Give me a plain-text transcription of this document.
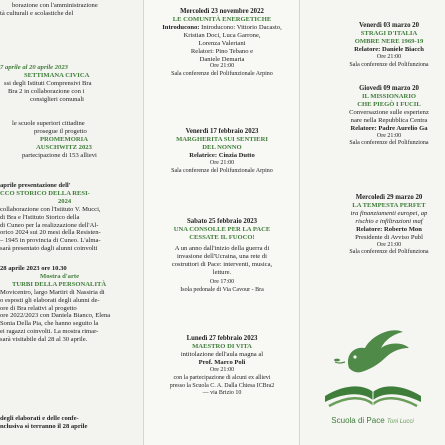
borazione con l'amministrazione
tà culturali e scolastiche del
7 aprile al 20 aprile 2023
SETTIMANA CIVICA
ssi degli Istituti Comprensivi Bra
Bra 2 in collaborazione con i
consiglieri comunali
le scuole superiori cittadine
proseguе il progetto
PROMEMORIA
AUSCHWITZ 2023
partecipazione di 153 allievi
aprile presentazione dell'
CCO STORICO DELLA RESI-
2024
collaborazione con l'Istituto V. Mucci,
di Bra e l'Istituto Storico della
di Cuneo per la realizzazione dell'Al-
orico 2024 sui 20 mesi della Resisten-
– 1945 in provincia di Cuneo. L'alma-
sarà presentato dagli alunni coinvolti
28 aprile 2023 ore 10.30
Mostra d'arte
TURBI DELLA PERSONALITÀ
Moviсentro, largo Martiri di Nassiria di
o esposti gli elaborati degli alunni de-
ore di Bra relativi al progetto
ore 2022/2023 con Daniela Bianco, Elena
Sonia Della Pia, che hanno seguito la
ei ragazzi coinvolti. La mostra rimar-
sarà visitabile dal 28 al 30 aprile.
degli elaborati e delle confe-
nclusiva si terranno il 28 aprile
Mercoledì 23 novembre 2022
LE COMUNITÀ ENERGETICHE
Introducono: Introducono: Vittorio Dacasto,
Kristian Doci, Luca Garrone,
Lorenza Valeriani
Relatori: Pino Tebano e
Daniele Demaria
Ore 21:00
Sala conferenze del Polifunzionale Arpino
Venerdì 17 febbraio 2023
MARGHERITA SUI SENTIERI
DEL NONNO
Relatrice: Cinzia Dutto
Ore 21:00
Sala conferenze del Polifunzionale Arpino
Sabato 25 febbraio 2023
UNA CONSOLLE PER LA PACE
CESSATE IL FUOCO!
A un anno dall'inizio della guerra di
invasione dell'Ucraina, una rete di
costruttori di Pace: interventi, musica,
letture.
Ore 17:00
Isola pedonale di Via Cavour - Bra
Lunedì 27 febbraio 2023
MAESTRO DI VITA
intitolazione dell'aula magna al
Prof. Marco Poli
Ore 21:00
con la partecipazione di alcuni ex allievi
presso la Scuola C. A. Dalla Chiesa ICBra2
— via Brizio 10
Venerdì 03 marzo 20
STRAGI D'ITALIA
OMBRE NERE 1969-19
Relatore: Daniele Biacch
Ore 21:00
Sala conferenze del Polifunziona
Giovedì 09 marzo 20
IL MISSIONARIO
CHE PIEGÒ I FUCIL
Conversazione sulle esperienz
nare nella Repubblica Centra
Relatore: Padre Aurelio Ga
Ore 21:00
Sala conferenze del Polifunziona
Mercoledì 29 marzo 20
LA TEMPESTA PERFET
tra finanziamenti europei, ap
rischio e infiltrazioni maf
Relatore: Roberto Mon
Presidente di Avviso Publ
Ore 21:00
Sala conferenze del Polifunziona
Scuola di Pace Toni Lucci
